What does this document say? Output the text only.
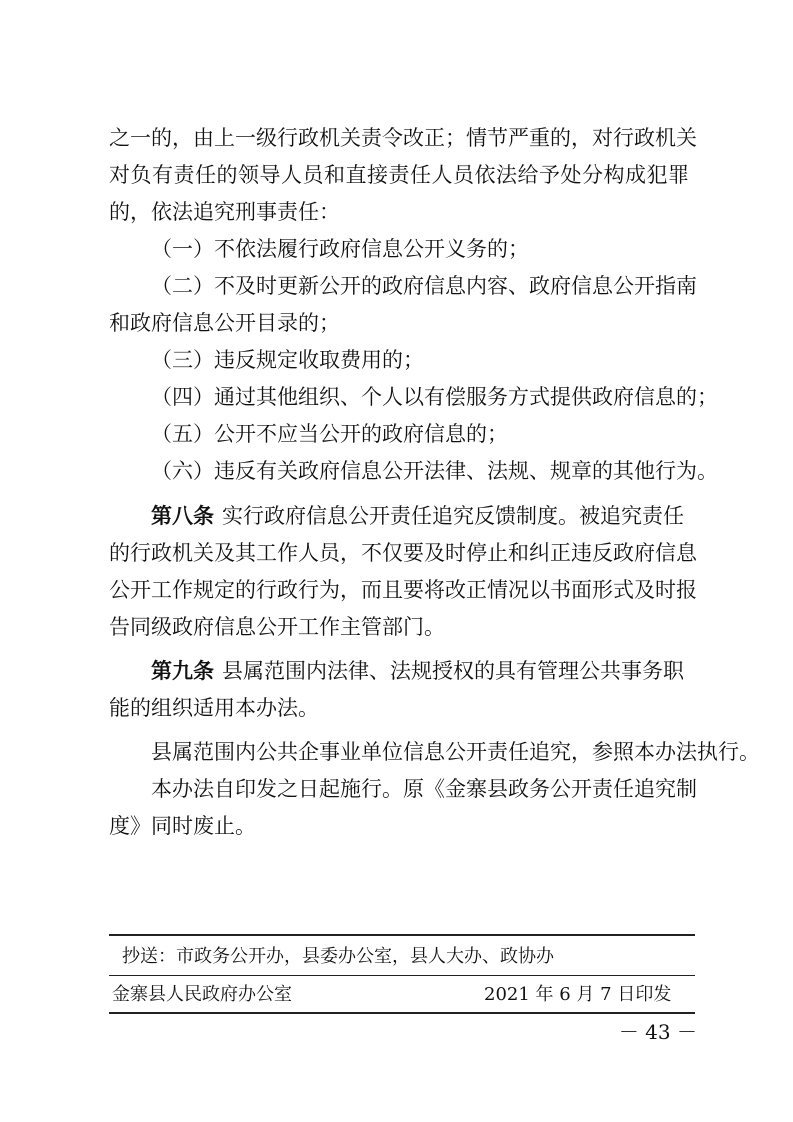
之一的，由上一级行政机关责令改正；情节严重的，对行政机关
对负有责任的领导人员和直接责任人员依法给予处分构成犯罪
的，依法追究刑事责任：
（一）不依法履行政府信息公开义务的；
（二）不及时更新公开的政府信息内容、政府信息公开指南
和政府信息公开目录的；
（三）违反规定收取费用的；
（四）通过其他组织、个人以有偿服务方式提供政府信息的；
（五）公开不应当公开的政府信息的；
（六）违反有关政府信息公开法律、法规、规章的其他行为。
第八条 实行政府信息公开责任追究反馈制度。被追究责任
的行政机关及其工作人员，不仅要及时停止和纠正违反政府信息
公开工作规定的行政行为，而且要将改正情况以书面形式及时报
告同级政府信息公开工作主管部门。
第九条 县属范围内法律、法规授权的具有管理公共事务职
能的组织适用本办法。
县属范围内公共企事业单位信息公开责任追究，参照本办法执行。
本办法自印发之日起施行。原《金寨县政务公开责任追究制
度》同时废止。
抄送：市政务公开办，县委办公室，县人大办、政协办
金寨县人民政府办公室	2021 年 6 月 7 日印发
－ 43 －
